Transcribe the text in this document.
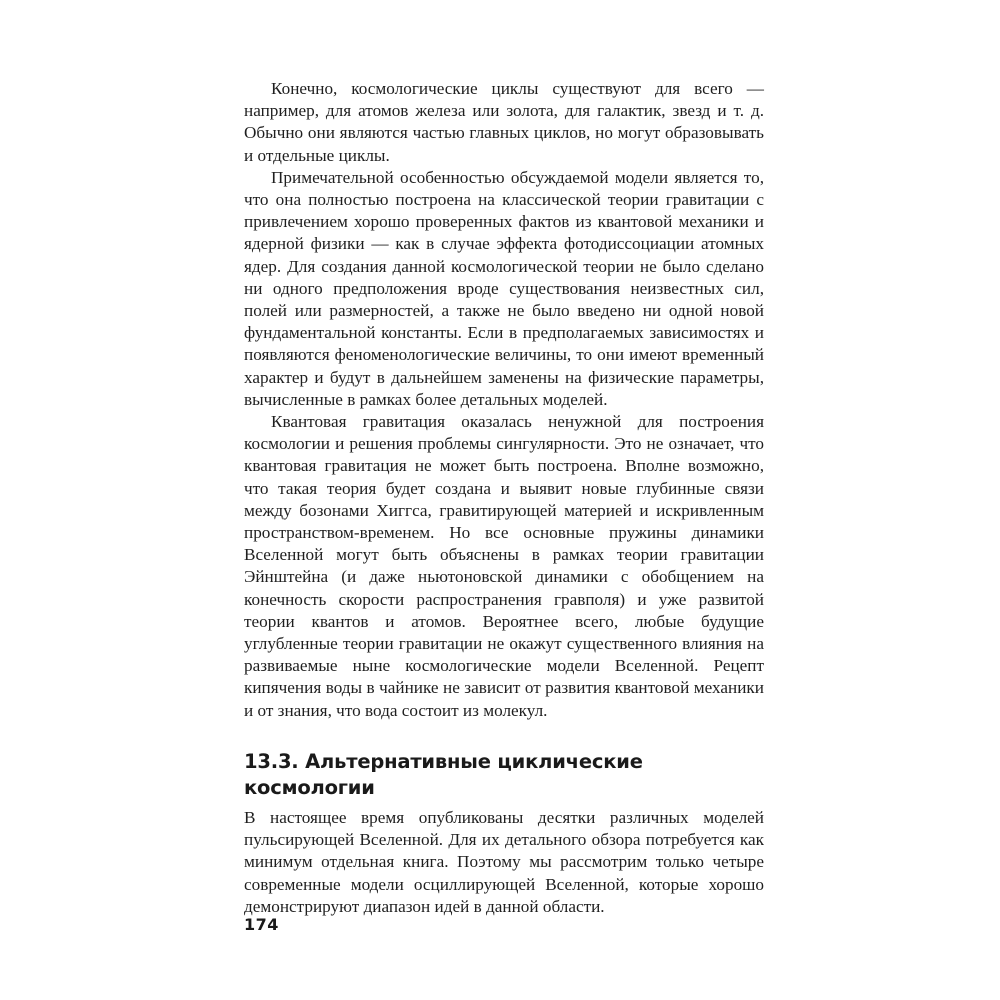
Конечно, космологические циклы существуют для всего — например, для атомов железа или золота, для галактик, звезд и т. д. Обычно они являются частью главных циклов, но могут образовывать и отдельные циклы.

Примечательной особенностью обсуждаемой модели является то, что она полностью построена на классической теории гравитации с привлечением хорошо проверенных фактов из квантовой механики и ядерной физики — как в случае эффекта фотодиссоциации атомных ядер. Для создания данной космологической теории не было сделано ни одного предположения вроде существования неизвестных сил, полей или размерностей, а также не было введено ни одной новой фундаментальной константы. Если в предполагаемых зависимостях и появляются феноменологические величины, то они имеют временный характер и будут в дальнейшем заменены на физические параметры, вычисленные в рамках более детальных моделей.

Квантовая гравитация оказалась ненужной для построения космологии и решения проблемы сингулярности. Это не означает, что квантовая гравитация не может быть построена. Вполне возможно, что такая теория будет создана и выявит новые глубинные связи между бозонами Хиггса, гравитирующей материей и искривленным пространством-временем. Но все основные пружины динамики Вселенной могут быть объяснены в рамках теории гравитации Эйнштейна (и даже ньютоновской динамики с обобщением на конечность скорости распространения гравполя) и уже развитой теории квантов и атомов. Вероятнее всего, любые будущие углубленные теории гравитации не окажут существенного влияния на развиваемые ныне космологические модели Вселенной. Рецепт кипячения воды в чайнике не зависит от развития квантовой механики и от знания, что вода состоит из молекул.

13.3. Альтернативные циклические космологии

В настоящее время опубликованы десятки различных моделей пульсирующей Вселенной. Для их детального обзора потребуется как минимум отдельная книга. Поэтому мы рассмотрим только четыре современные модели осциллирующей Вселенной, которые хорошо демонстрируют диапазон идей в данной области.

174
